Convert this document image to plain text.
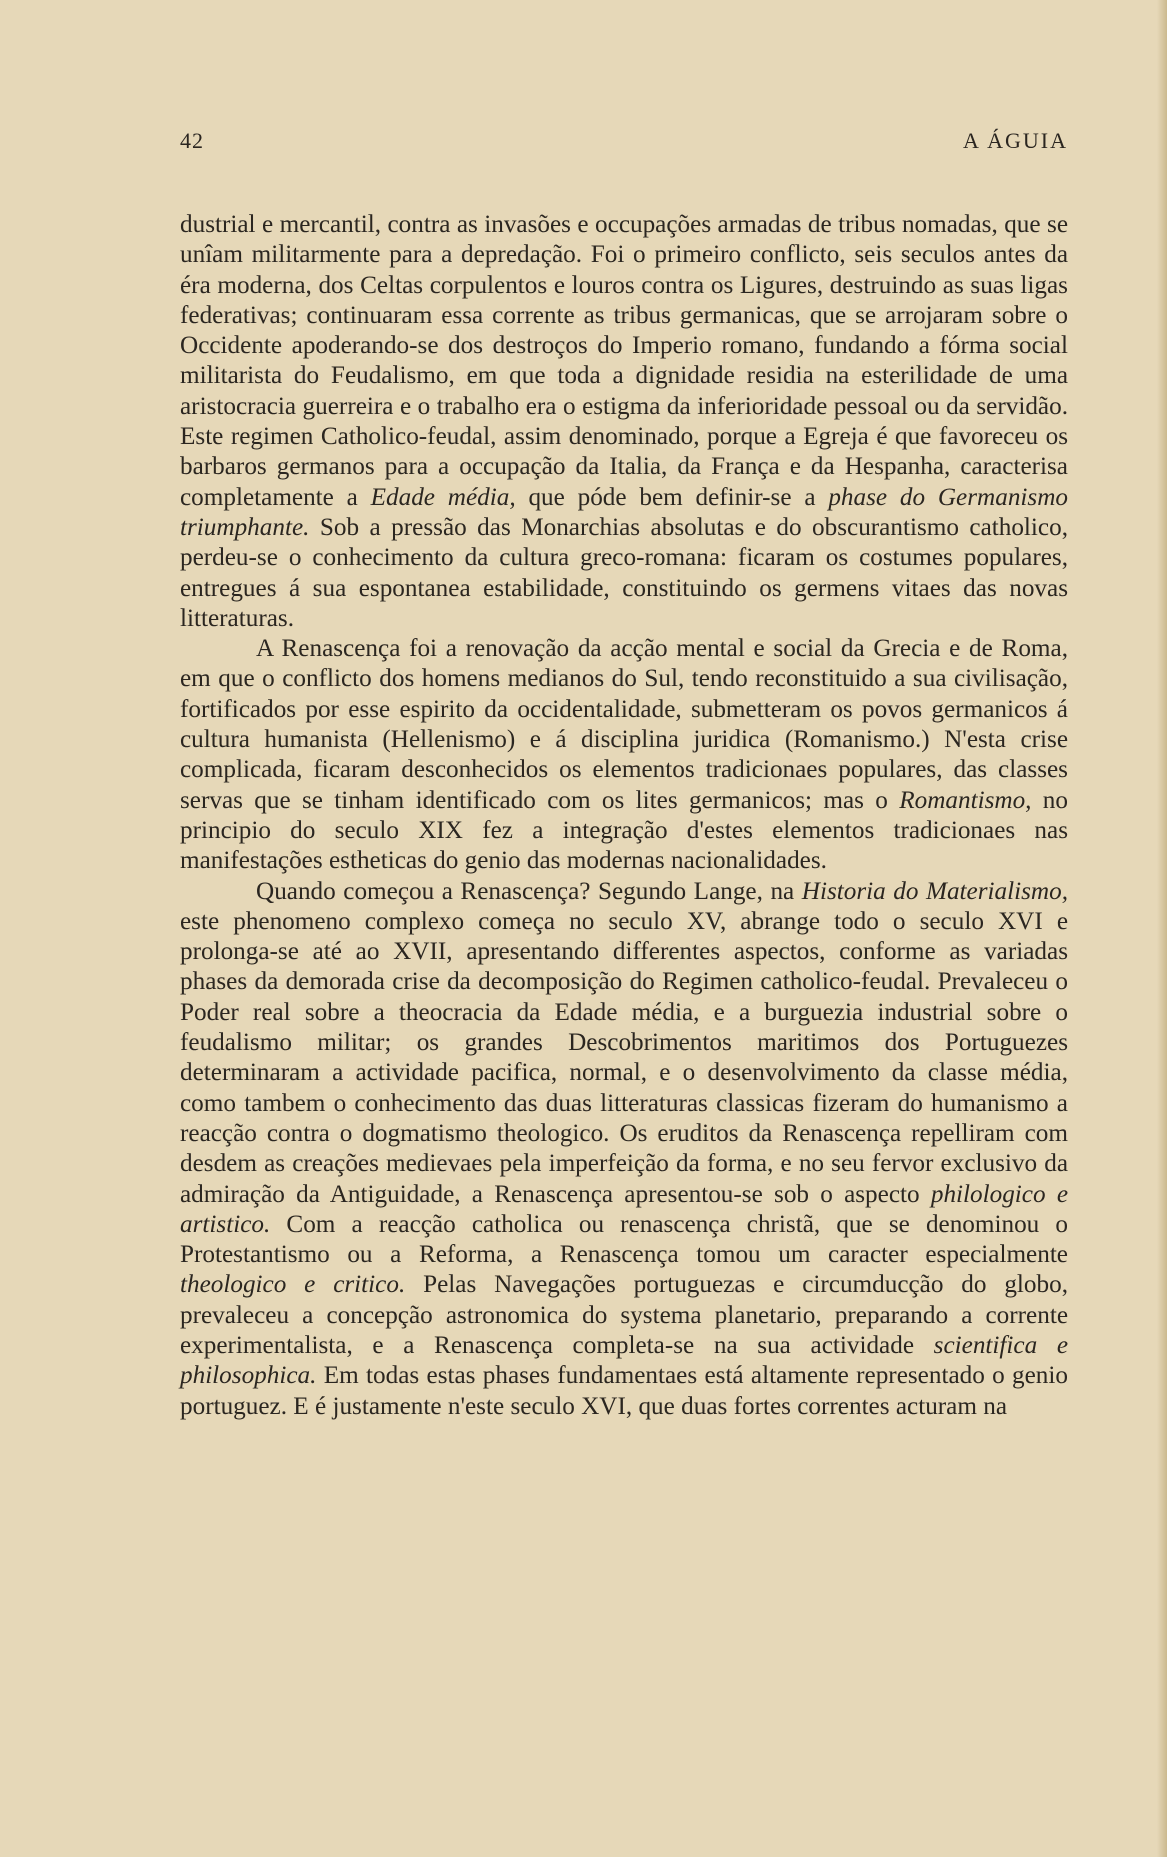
42	A ÁGUIA

dustrial e mercantil, contra as invasões e occupações armadas de tribus nomadas, que se unîam militarmente para a depredação. Foi o primeiro conflicto, seis seculos antes da éra moderna, dos Celtas corpulentos e louros contra os Ligures, destruindo as suas ligas federativas; continuaram essa corrente as tribus germanicas, que se arrojaram sobre o Occidente apoderando-se dos destroços do Imperio romano, fundando a fórma social militarista do Feudalismo, em que toda a dignidade residia na esterilidade de uma aristocracia guerreira e o trabalho era o estigma da inferioridade pessoal ou da servidão. Este regimen Catholico-feudal, assim denominado, porque a Egreja é que favoreceu os barbaros germanos para a occupação da Italia, da França e da Hespanha, caracterisa completamente a Edade média, que póde bem definir-se a phase do Germanismo triumphante. Sob a pressão das Monarchias absolutas e do obscurantismo catholico, perdeu-se o conhecimento da cultura greco-romana: ficaram os costumes populares, entregues á sua espontanea estabilidade, constituindo os germens vitaes das novas litteraturas.

A Renascença foi a renovação da acção mental e social da Grecia e de Roma, em que o conflicto dos homens medianos do Sul, tendo reconstituido a sua civilisação, fortificados por esse espirito da occidentalidade, submetteram os povos germanicos á cultura humanista (Hellenismo) e á disciplina juridica (Romanismo.) N'esta crise complicada, ficaram desconhecidos os elementos tradicionaes populares, das classes servas que se tinham identificado com os lites germanicos; mas o Romantismo, no principio do seculo XIX fez a integração d'estes elementos tradicionaes nas manifestações estheticas do genio das modernas nacionalidades.

Quando começou a Renascença? Segundo Lange, na Historia do Materialismo, este phenomeno complexo começa no seculo XV, abrange todo o seculo XVI e prolonga-se até ao XVII, apresentando differentes aspectos, conforme as variadas phases da demorada crise da decomposição do Regimen catholico-feudal. Prevaleceu o Poder real sobre a theocracia da Edade média, e a burguezia industrial sobre o feudalismo militar; os grandes Descobrimentos maritimos dos Portuguezes determinaram a actividade pacifica, normal, e o desenvolvimento da classe média, como tambem o conhecimento das duas litteraturas classicas fizeram do humanismo a reacção contra o dogmatismo theologico. Os eruditos da Renascença repelliram com desdem as creações medievaes pela imperfeição da forma, e no seu fervor exclusivo da admiração da Antiguidade, a Renascença apresentou-se sob o aspecto philologico e artistico. Com a reacção catholica ou renascença christã, que se denominou o Protestantismo ou a Reforma, a Renascença tomou um caracter especialmente theologico e critico. Pelas Navegações portuguezas e circumducção do globo, prevaleceu a concepção astronomica do systema planetario, preparando a corrente experimentalista, e a Renascença completa-se na sua actividade scientifica e philosophica. Em todas estas phases fundamentaes está altamente representado o genio portuguez. E é justamente n'este seculo XVI, que duas fortes correntes acturam na
